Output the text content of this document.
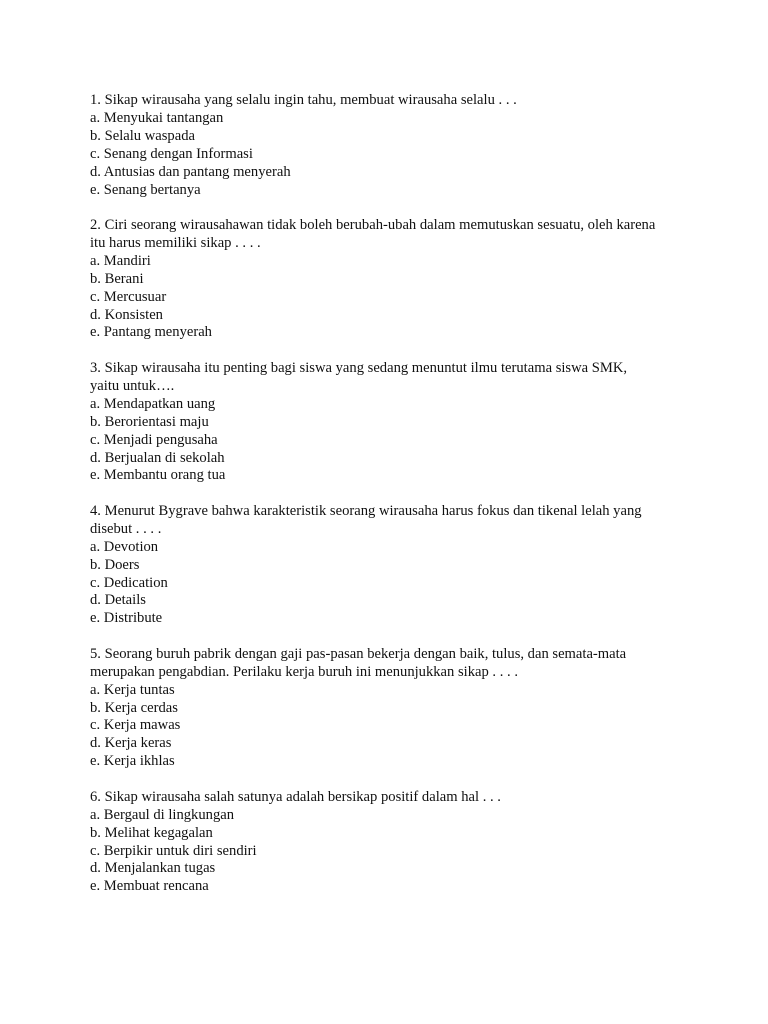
1. Sikap wirausaha yang selalu ingin tahu, membuat wirausaha selalu . . .
a. Menyukai tantangan
b. Selalu waspada
c. Senang dengan Informasi
d. Antusias dan pantang menyerah
e. Senang bertanya
2. Ciri seorang wirausahawan tidak boleh berubah-ubah dalam memutuskan sesuatu, oleh karena
itu harus memiliki sikap . . . .
a. Mandiri
b. Berani
c. Mercusuar
d. Konsisten
e. Pantang menyerah
3. Sikap wirausaha itu penting bagi siswa yang sedang menuntut ilmu terutama siswa SMK,
yaitu untuk….
a. Mendapatkan uang
b. Berorientasi maju
c. Menjadi pengusaha
d. Berjualan di sekolah
e. Membantu orang tua
4. Menurut Bygrave bahwa karakteristik seorang wirausaha harus fokus dan tikenal lelah yang
disebut . . . .
a. Devotion
b. Doers
c. Dedication
d. Details
e. Distribute
5. Seorang buruh pabrik dengan gaji pas-pasan bekerja dengan baik, tulus, dan semata-mata
merupakan pengabdian. Perilaku kerja buruh ini menunjukkan sikap . . . .
a. Kerja tuntas
b. Kerja cerdas
c. Kerja mawas
d. Kerja keras
e. Kerja ikhlas
6. Sikap wirausaha salah satunya adalah bersikap positif dalam hal . . .
a. Bergaul di lingkungan
b. Melihat kegagalan
c. Berpikir untuk diri sendiri
d. Menjalankan tugas
e. Membuat rencana
